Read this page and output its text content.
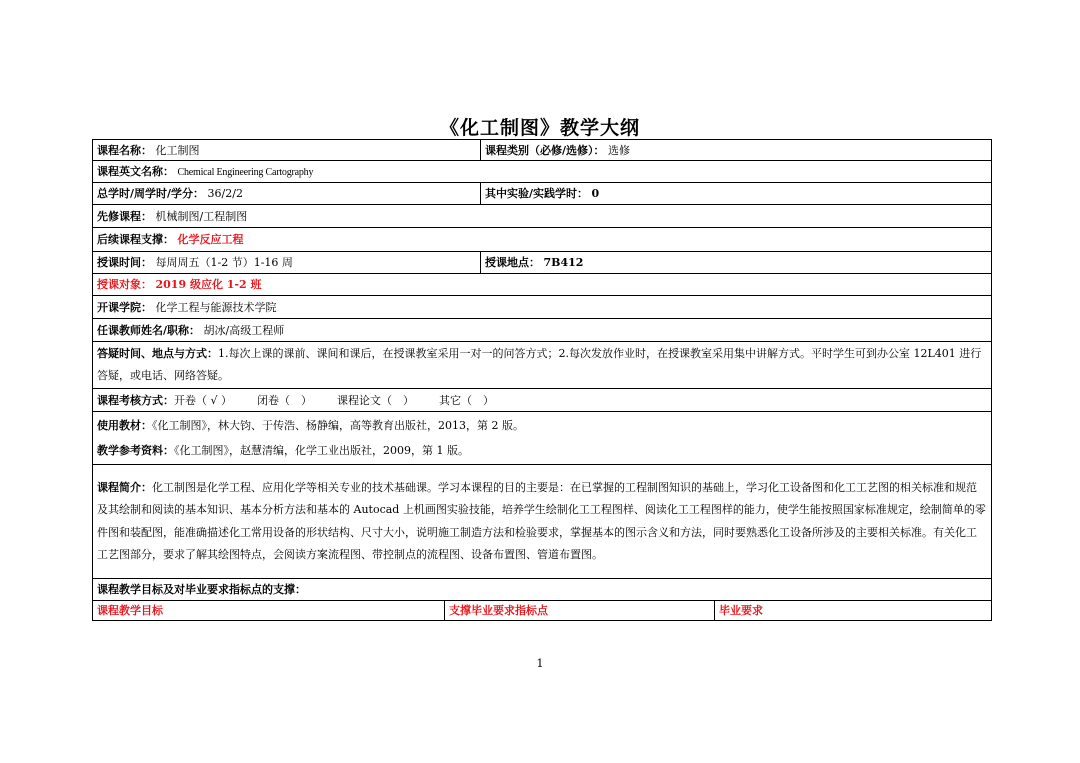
《化工制图》教学大纲
课程名称： 化工制图		课程类别（必修/选修）： 选修	
课程英文名称： Chemical Engineering Cartography			
总学时/周学时/学分： 36/2/2		其中实验/实践学时： 0	
先修课程： 机械制图/工程制图			
后续课程支撑： 化学反应工程			
授课时间： 每周周五（1-2 节）1-16 周		授课地点： 7B412	
授课对象： 2019 级应化 1-2 班			
开课学院： 化学工程与能源技术学院			
任课教师姓名/职称： 胡冰/高级工程师			
答疑时间、地点与方式：1.每次上课的课前、课间和课后，在授课教室采用一对一的问答方式；2.每次发放作业时，在授课教室采用集中讲解方式。平时学生可到办公室 12L401 进行答疑，或电话、网络答疑。			
课程考核方式：开卷（ √ ） 闭卷（　） 课程论文（　） 其它（　）			

使用教材：《化工制图》，林大钧、于传浩、杨静编，高等教育出版社，2013，第 2 版。
教学参考资料：《化工制图》，赵慧清编，化学工业出版社，2009，第 1 版。			

课程简介：化工制图是化学工程、应用化学等相关专业的技术基础课。学习本课程的目的主要是：在已掌握的工程制图知识的基础上，学习化工设备图和化工工艺图的相关标准和规范及其绘制和阅读的基本知识、基本分析方法和基本的 Autocad 上机画图实验技能，培养学生绘制化工工程图样、阅读化工工程图样的能力，使学生能按照国家标准规定，绘制简单的零件图和装配图，能准确描述化工常用设备的形状结构、尺寸大小，说明施工制造方法和检验要求，掌握基本的图示含义和方法，同时要熟悉化工设备所涉及的主要相关标准。有关化工工艺图部分，要求了解其绘图特点，会阅读方案流程图、带控制点的流程图、设备布置图、管道布置图。			
课程教学目标及对毕业要求指标点的支撑：			
课程教学目标	支撑毕业要求指标点		毕业要求
1
